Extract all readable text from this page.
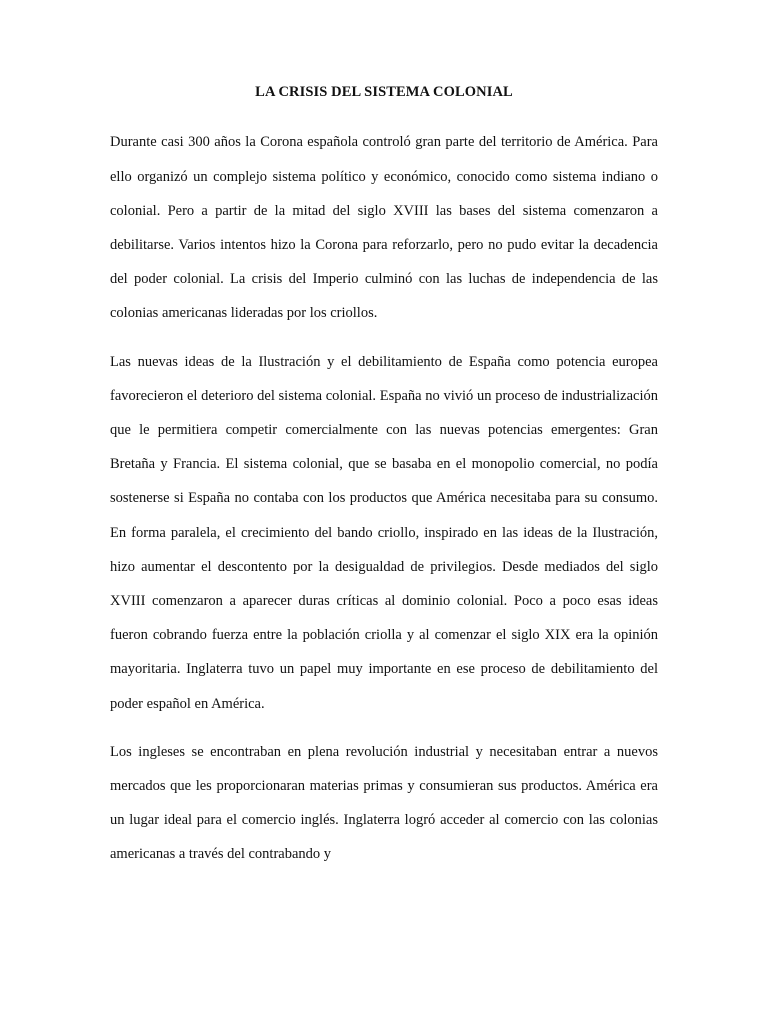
LA CRISIS DEL SISTEMA COLONIAL

Durante casi 300 años la Corona española controló gran parte del territorio de América. Para ello organizó un complejo sistema político y económico, conocido como sistema indiano o colonial. Pero a partir de la mitad del siglo XVIII las bases del sistema comenzaron a debilitarse. Varios intentos hizo la Corona para reforzarlo, pero no pudo evitar la decadencia del poder colonial. La crisis del Imperio culminó con las luchas de independencia de las colonias americanas lideradas por los criollos.

Las nuevas ideas de la Ilustración y el debilitamiento de España como potencia europea favorecieron el deterioro del sistema colonial. España no vivió un proceso de industrialización que le permitiera competir comercialmente con las nuevas potencias emergentes: Gran Bretaña y Francia. El sistema colonial, que se basaba en el monopolio comercial, no podía sostenerse si España no contaba con los productos que América necesitaba para su consumo. En forma paralela, el crecimiento del bando criollo, inspirado en las ideas de la Ilustración, hizo aumentar el descontento por la desigualdad de privilegios. Desde mediados del siglo XVIII comenzaron a aparecer duras críticas al dominio colonial. Poco a poco esas ideas fueron cobrando fuerza entre la población criolla y al comenzar el siglo XIX era la opinión mayoritaria. Inglaterra tuvo un papel muy importante en ese proceso de debilitamiento del poder español en América.

Los ingleses se encontraban en plena revolución industrial y necesitaban entrar a nuevos mercados que les proporcionaran materias primas y consumieran sus productos. América era un lugar ideal para el comercio inglés. Inglaterra logró acceder al comercio con las colonias americanas a través del contrabando y
